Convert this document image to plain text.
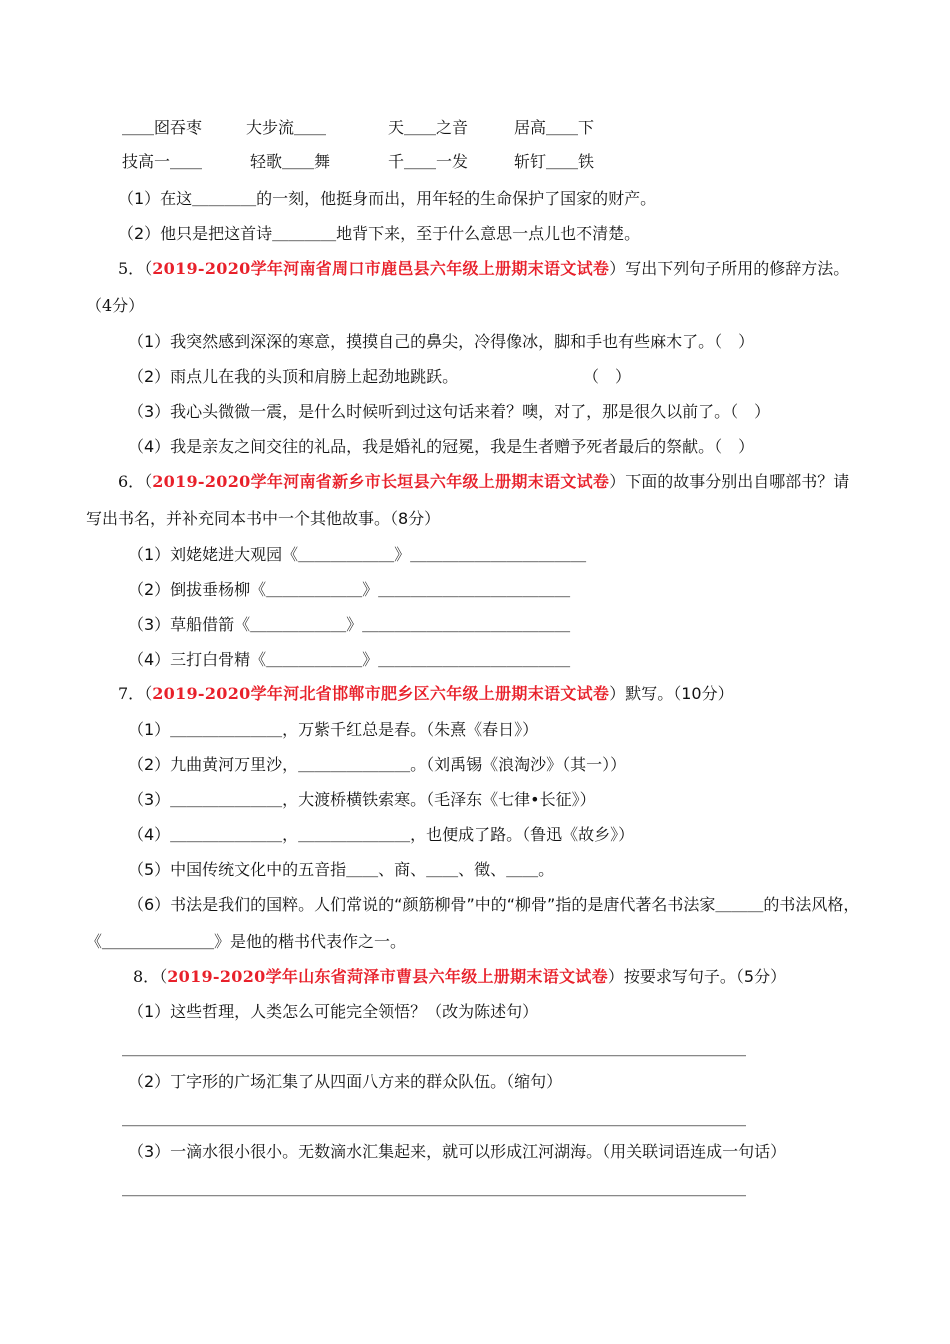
＿＿囵吞枣	大步流＿＿	天＿＿之音	居高＿＿下
技高一＿＿	轻歌＿＿舞	千＿＿一发	斩钉＿＿铁
（1）在这＿＿＿＿的一刻，他挺身而出，用年轻的生命保护了国家的财产。
（2）他只是把这首诗＿＿＿＿地背下来，至于什么意思一点儿也不清楚。
5．（2019-2020学年河南省周口市鹿邑县六年级上册期末语文试卷）写出下列句子所用的修辞方法。
（4分）
（1）我突然感到深深的寒意，摸摸自己的鼻尖，冷得像冰，脚和手也有些麻木了。（　）
（2）雨点儿在我的头顶和肩膀上起劲地跳跃。	（　）
（3）我心头微微一震，是什么时候听到过这句话来着？噢，对了，那是很久以前了。（　）
（4）我是亲友之间交往的礼品，我是婚礼的冠冕，我是生者赠予死者最后的祭献。（　）
6．（2019-2020学年河南省新乡市长垣县六年级上册期末语文试卷）下面的故事分别出自哪部书？请
写出书名，并补充同本书中一个其他故事。（8分）
（1）刘姥姥进大观园《＿＿＿＿＿＿》＿＿＿＿＿＿＿＿＿＿＿
（2）倒拔垂杨柳《＿＿＿＿＿＿》＿＿＿＿＿＿＿＿＿＿＿＿
（3）草船借箭《＿＿＿＿＿＿》＿＿＿＿＿＿＿＿＿＿＿＿＿
（4）三打白骨精《＿＿＿＿＿＿》＿＿＿＿＿＿＿＿＿＿＿＿
7．（2019-2020学年河北省邯郸市肥乡区六年级上册期末语文试卷）默写。（10分）
（1）＿＿＿＿＿＿＿，万紫千红总是春。（朱熹《春日》）
（2）九曲黄河万里沙，＿＿＿＿＿＿＿。（刘禹锡《浪淘沙》（其一））
（3）＿＿＿＿＿＿＿，大渡桥横铁索寒。（毛泽东《七律•长征》）
（4）＿＿＿＿＿＿＿，＿＿＿＿＿＿＿，也便成了路。（鲁迅《故乡》）
（5）中国传统文化中的五音指＿＿、商、＿＿、徵、＿＿。
（6）书法是我们的国粹。人们常说的“颜筋柳骨”中的“柳骨”指的是唐代著名书法家＿＿＿的书法风格，
《＿＿＿＿＿＿＿》是他的楷书代表作之一。
8．（2019-2020学年山东省菏泽市曹县六年级上册期末语文试卷）按要求写句子。（5分）
（1）这些哲理，人类怎么可能完全领悟？（改为陈述句）
＿＿＿＿＿＿＿＿＿＿＿＿＿＿＿＿＿＿＿＿＿＿＿＿＿＿＿＿＿＿＿＿＿＿＿＿＿＿＿
（2）丁字形的广场汇集了从四面八方来的群众队伍。（缩句）
＿＿＿＿＿＿＿＿＿＿＿＿＿＿＿＿＿＿＿＿＿＿＿＿＿＿＿＿＿＿＿＿＿＿＿＿＿＿＿
（3）一滴水很小很小。无数滴水汇集起来，就可以形成江河湖海。（用关联词语连成一句话）
＿＿＿＿＿＿＿＿＿＿＿＿＿＿＿＿＿＿＿＿＿＿＿＿＿＿＿＿＿＿＿＿＿＿＿＿＿＿＿
